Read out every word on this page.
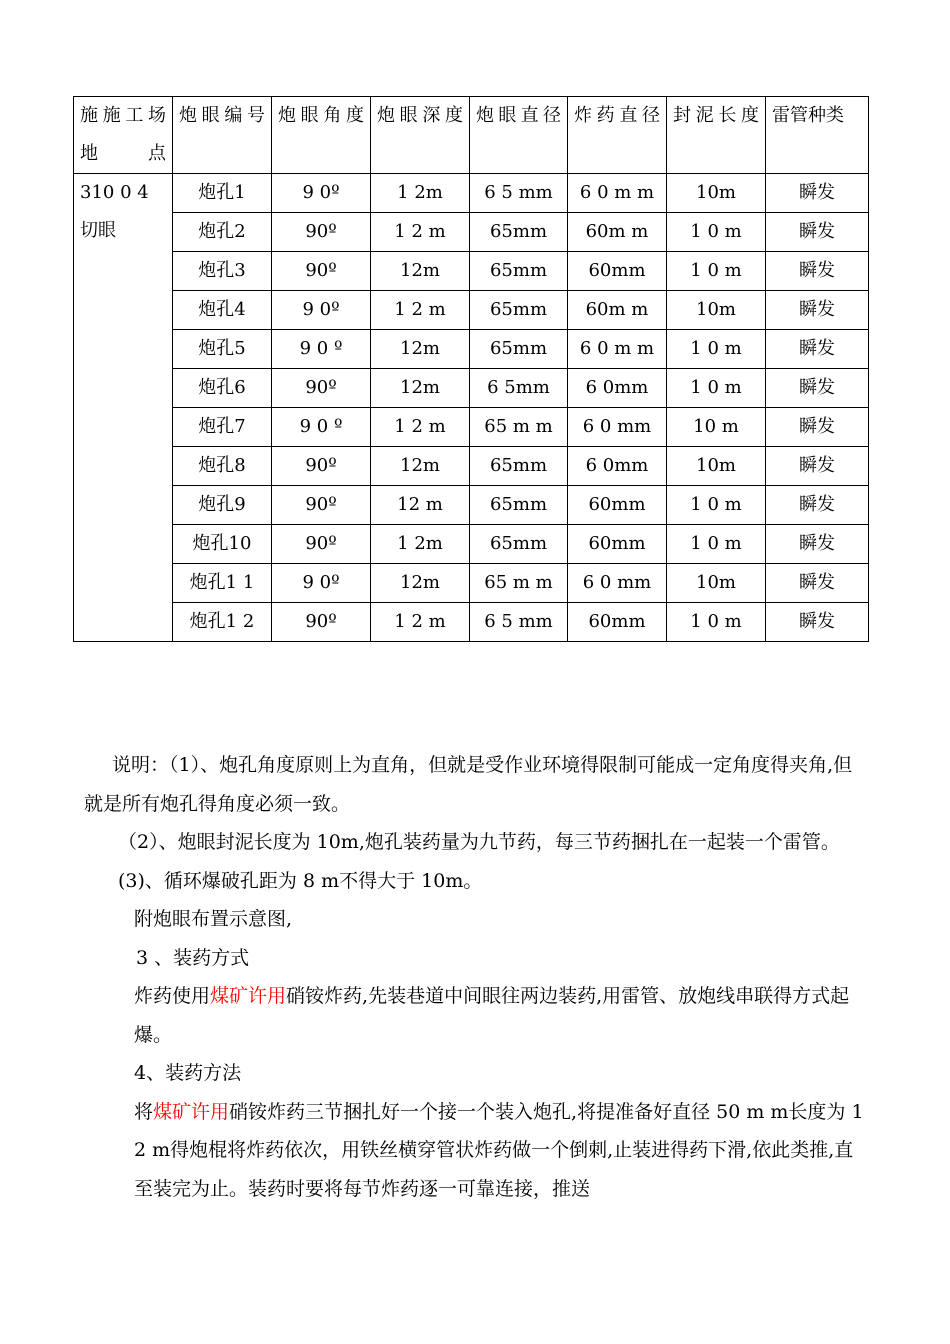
施施工场地点	炮眼编号	炮眼角度	炮眼深度	炮眼直径	炸药直径	封泥长度	雷管种类
310 0 4 切眼	炮孔1	9 0º	1 2m	6 5 mm	6 0 m m	10m	瞬发
	炮孔2	90º	1 2 m	65mm	60m m	1 0 m	瞬发
	炮孔3	90º	12m	65mm	60mm	1 0 m	瞬发
	炮孔4	9 0º	1 2 m	65mm	60m m	10m	瞬发
	炮孔5	9 0 º	12m	65mm	6 0 m m	1 0 m	瞬发
	炮孔6	90º	12m	6 5mm	6 0mm	1 0 m	瞬发
	炮孔7	9 0 º	1 2 m	65 m m	6 0 mm	10 m	瞬发
	炮孔8	90º	12m	65mm	6 0mm	10m	瞬发
	炮孔9	90º	12 m	65mm	60mm	1 0 m	瞬发
	炮孔10	90º	1 2m	65mm	60mm	1 0 m	瞬发
	炮孔1 1	9 0º	12m	65 m m	6 0 mm	10m	瞬发
	炮孔1 2	90º	1 2 m	6 5 mm	60mm	1 0 m	瞬发

说明：（1）、炮孔角度原则上为直角，但就是受作业环境得限制可能成一定角度得夹角,但就是所有炮孔得角度必须一致。

（2）、炮眼封泥长度为 10m,炮孔装药量为九节药，每三节药捆扎在一起装一个雷管。

(3)、循环爆破孔距为 8 m不得大于 10m。

附炮眼布置示意图,

3 、装药方式

炸药使用煤矿许用硝铵炸药,先装巷道中间眼往两边装药,用雷管、放炮线串联得方式起爆。

4、装药方法

将煤矿许用硝铵炸药三节捆扎好一个接一个装入炮孔,将提准备好直径 50 m m长度为 1 2 m得炮棍将炸药依次，用铁丝横穿管状炸药做一个倒刺,止装进得药下滑,依此类推,直至装完为止。装药时要将每节炸药逐一可靠连接，推送
